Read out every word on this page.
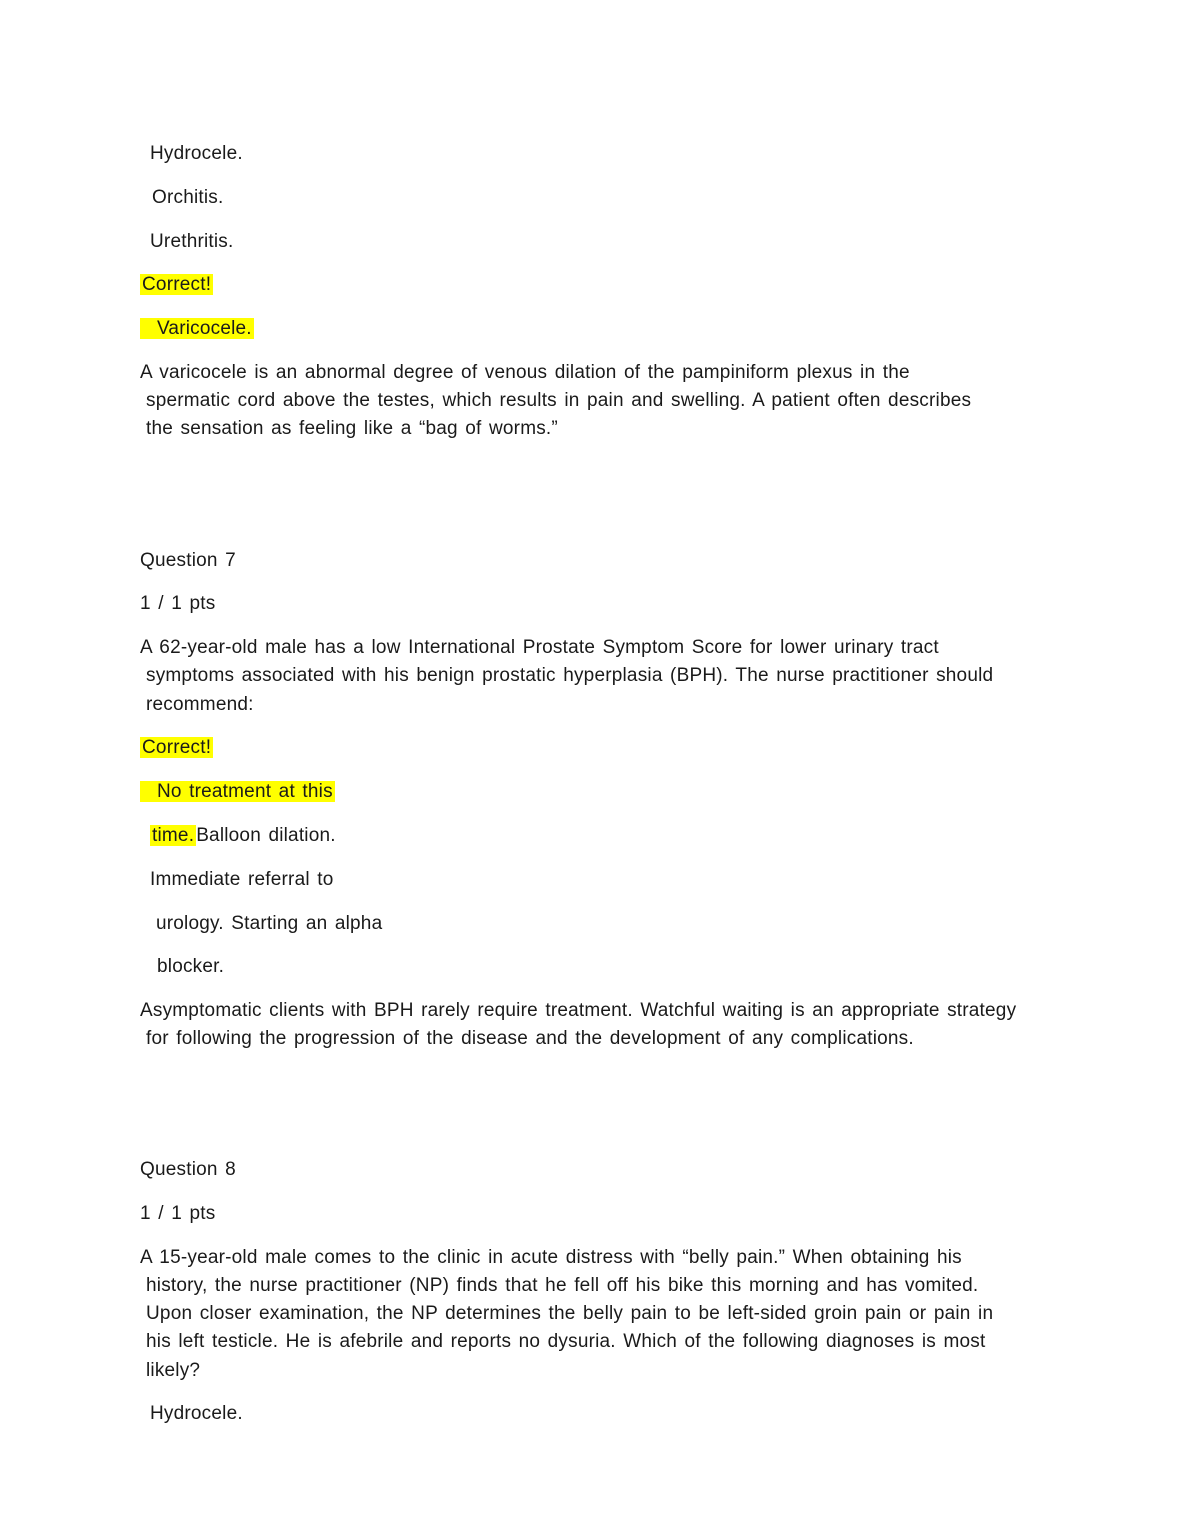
Hydrocele.
Orchitis.
Urethritis.
Correct!
Varicocele.
A varicocele is an abnormal degree of venous dilation of the pampiniform plexus in the
spermatic cord above the testes, which results in pain and swelling. A patient often describes
the sensation as feeling like a “bag of worms.”
Question 7
1 / 1 pts
A 62-year-old male has a low International Prostate Symptom Score for lower urinary tract
symptoms associated with his benign prostatic hyperplasia (BPH). The nurse practitioner should
recommend:
Correct!
No treatment at this
time. Balloon dilation.
Immediate referral to
urology. Starting an alpha
blocker.
Asymptomatic clients with BPH rarely require treatment. Watchful waiting is an appropriate strategy
for following the progression of the disease and the development of any complications.
Question 8
1 / 1 pts
A 15-year-old male comes to the clinic in acute distress with “belly pain.” When obtaining his
history, the nurse practitioner (NP) finds that he fell off his bike this morning and has vomited.
Upon closer examination, the NP determines the belly pain to be left-sided groin pain or pain in
his left testicle. He is afebrile and reports no dysuria. Which of the following diagnoses is most
likely?
Hydrocele.
